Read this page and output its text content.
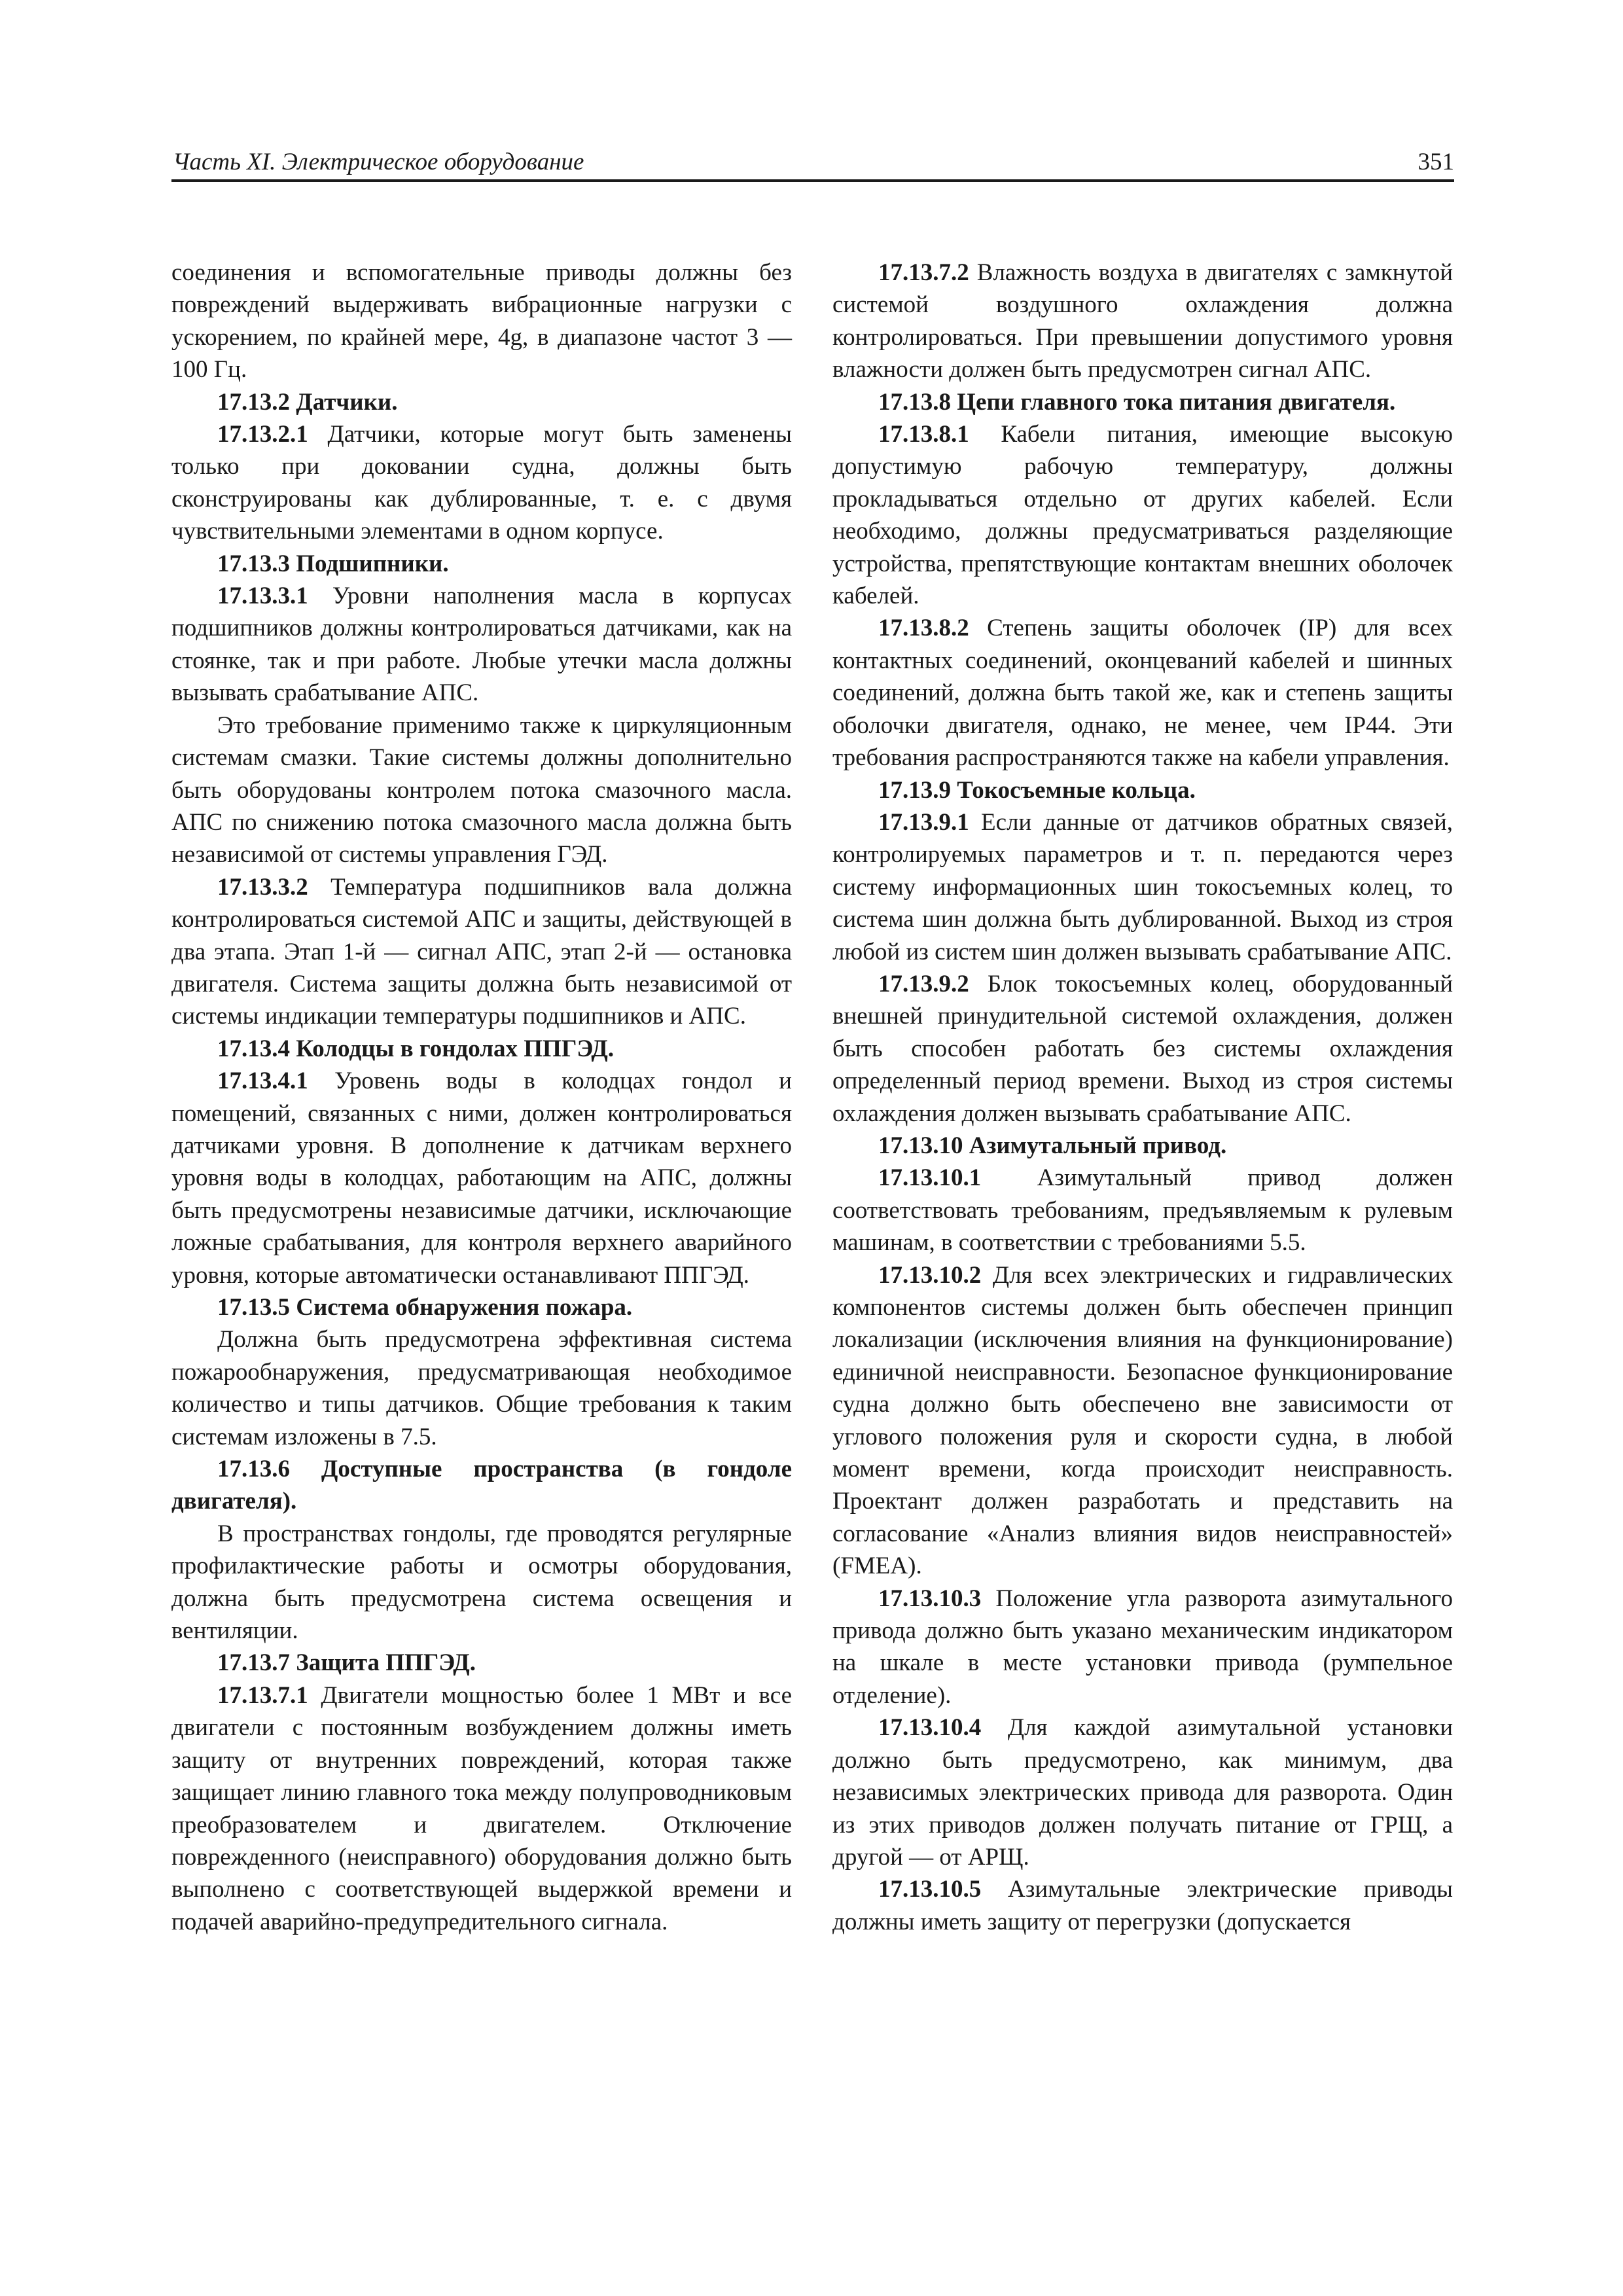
Часть XI. Электрическое оборудование	351

соединения и вспомогательные приводы должны без повреждений выдерживать вибрационные нагрузки с ускорением, по крайней мере, 4g, в диапазоне частот 3 — 100 Гц.

17.13.2 Датчики.

17.13.2.1 Датчики, которые могут быть заменены только при доковании судна, должны быть сконструированы как дублированные, т. е. с двумя чувствительными элементами в одном корпусе.

17.13.3 Подшипники.

17.13.3.1 Уровни наполнения масла в корпусах подшипников должны контролироваться датчиками, как на стоянке, так и при работе. Любые утечки масла должны вызывать срабатывание АПС.

Это требование применимо также к циркуляционным системам смазки. Такие системы должны дополнительно быть оборудованы контролем потока смазочного масла. АПС по снижению потока смазочного масла должна быть независимой от системы управления ГЭД.

17.13.3.2 Температура подшипников вала должна контролироваться системой АПС и защиты, действующей в два этапа. Этап 1-й — сигнал АПС, этап 2-й — остановка двигателя. Система защиты должна быть независимой от системы индикации температуры подшипников и АПС.

17.13.4 Колодцы в гондолах ППГЭД.

17.13.4.1 Уровень воды в колодцах гондол и помещений, связанных с ними, должен контролироваться датчиками уровня. В дополнение к датчикам верхнего уровня воды в колодцах, работающим на АПС, должны быть предусмотрены независимые датчики, исключающие ложные срабатывания, для контроля верхнего аварийного уровня, которые автоматически останавливают ППГЭД.

17.13.5 Система обнаружения пожара.

Должна быть предусмотрена эффективная система пожарообнаружения, предусматривающая необходимое количество и типы датчиков. Общие требования к таким системам изложены в 7.5.

17.13.6 Доступные пространства (в гондоле двигателя).

В пространствах гондолы, где проводятся регулярные профилактические работы и осмотры оборудования, должна быть предусмотрена система освещения и вентиляции.

17.13.7 Защита ППГЭД.

17.13.7.1 Двигатели мощностью более 1 МВт и все двигатели с постоянным возбуждением должны иметь защиту от внутренних повреждений, которая также защищает линию главного тока между полупроводниковым преобразователем и двигателем. Отключение поврежденного (неисправного) оборудования должно быть выполнено с соответствующей выдержкой времени и подачей аварийно-предупредительного сигнала.

17.13.7.2 Влажность воздуха в двигателях с замкнутой системой воздушного охлаждения должна контролироваться. При превышении допустимого уровня влажности должен быть предусмотрен сигнал АПС.

17.13.8 Цепи главного тока питания двигателя.

17.13.8.1 Кабели питания, имеющие высокую допустимую рабочую температуру, должны прокладываться отдельно от других кабелей. Если необходимо, должны предусматриваться разделяющие устройства, препятствующие контактам внешних оболочек кабелей.

17.13.8.2 Степень защиты оболочек (IP) для всех контактных соединений, оконцеваний кабелей и шинных соединений, должна быть такой же, как и степень защиты оболочки двигателя, однако, не менее, чем IP44. Эти требования распространяются также на кабели управления.

17.13.9 Токосъемные кольца.

17.13.9.1 Если данные от датчиков обратных связей, контролируемых параметров и т. п. передаются через систему информационных шин токосъемных колец, то система шин должна быть дублированной. Выход из строя любой из систем шин должен вызывать срабатывание АПС.

17.13.9.2 Блок токосъемных колец, оборудованный внешней принудительной системой охлаждения, должен быть способен работать без системы охлаждения определенный период времени. Выход из строя системы охлаждения должен вызывать срабатывание АПС.

17.13.10 Азимутальный привод.

17.13.10.1 Азимутальный привод должен соответствовать требованиям, предъявляемым к рулевым машинам, в соответствии с требованиями 5.5.

17.13.10.2 Для всех электрических и гидравлических компонентов системы должен быть обеспечен принцип локализации (исключения влияния на функционирование) единичной неисправности. Безопасное функционирование судна должно быть обеспечено вне зависимости от углового положения руля и скорости судна, в любой момент времени, когда происходит неисправность. Проектант должен разработать и представить на согласование «Анализ влияния видов неисправностей» (FMEA).

17.13.10.3 Положение угла разворота азимутального привода должно быть указано механическим индикатором на шкале в месте установки привода (румпельное отделение).

17.13.10.4 Для каждой азимутальной установки должно быть предусмотрено, как минимум, два независимых электрических привода для разворота. Один из этих приводов должен получать питание от ГРЩ, а другой — от АРЩ.

17.13.10.5 Азимутальные электрические приводы должны иметь защиту от перегрузки (допускается
